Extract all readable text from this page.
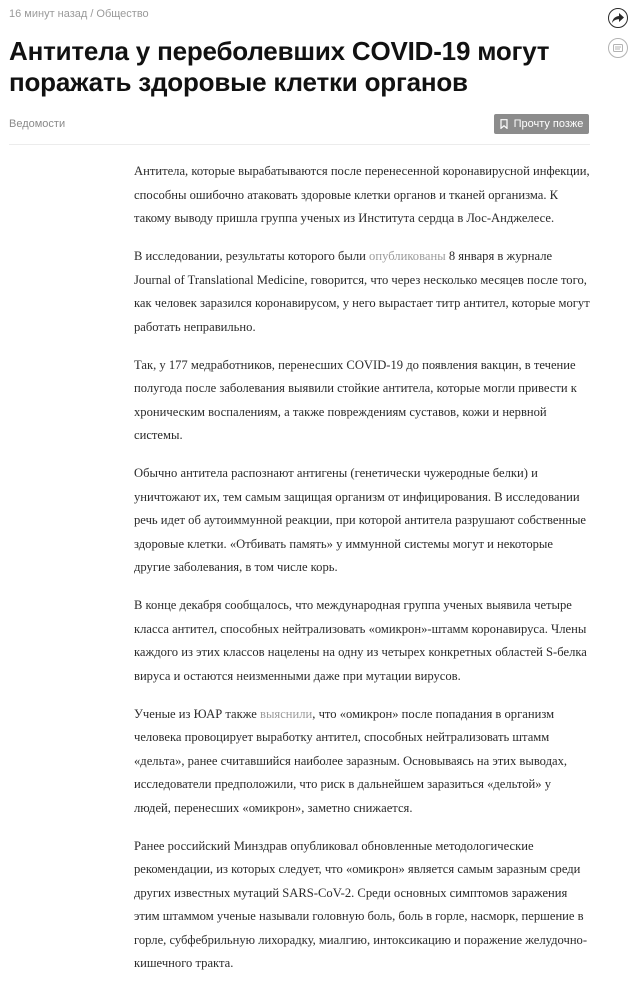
16 минут назад / Общество
Антитела у переболевших COVID-19 могут поражать здоровые клетки органов
Ведомости	Прочту позже

Антитела, которые вырабатываются после перенесенной коронавирусной инфекции, способны ошибочно атаковать здоровые клетки органов и тканей организма. К такому выводу пришла группа ученых из Института сердца в Лос-Анджелесе.

В исследовании, результаты которого были опубликованы 8 января в журнале Journal of Translational Medicine, говорится, что через несколько месяцев после того, как человек заразился коронавирусом, у него вырастает титр антител, которые могут работать неправильно.

Так, у 177 медработников, перенесших COVID-19 до появления вакцин, в течение полугода после заболевания выявили стойкие антитела, которые могли привести к хроническим воспалениям, а также повреждениям суставов, кожи и нервной системы.

Обычно антитела распознают антигены (генетически чужеродные белки) и уничтожают их, тем самым защищая организм от инфицирования. В исследовании речь идет об аутоиммунной реакции, при которой антитела разрушают собственные здоровые клетки. «Отбивать память» у иммунной системы могут и некоторые другие заболевания, в том числе корь.

В конце декабря сообщалось, что международная группа ученых выявила четыре класса антител, способных нейтрализовать «омикрон»-штамм коронавируса. Члены каждого из этих классов нацелены на одну из четырех конкретных областей S-белка вируса и остаются неизменными даже при мутации вирусов.

Ученые из ЮАР также выяснили, что «омикрон» после попадания в организм человека провоцирует выработку антител, способных нейтрализовать штамм «дельта», ранее считавшийся наиболее заразным. Основываясь на этих выводах, исследователи предположили, что риск в дальнейшем заразиться «дельтой» у людей, перенесших «омикрон», заметно снижается.

Ранее российский Минздрав опубликовал обновленные методологические рекомендации, из которых следует, что «омикрон» является самым заразным среди других известных мутаций SARS-CoV-2. Среди основных симптомов заражения этим штаммом ученые называли головную боль, боль в горле, насморк, першение в горле, субфебрильную лихорадку, миалгию, интоксикацию и поражение желудочно-кишечного тракта.
